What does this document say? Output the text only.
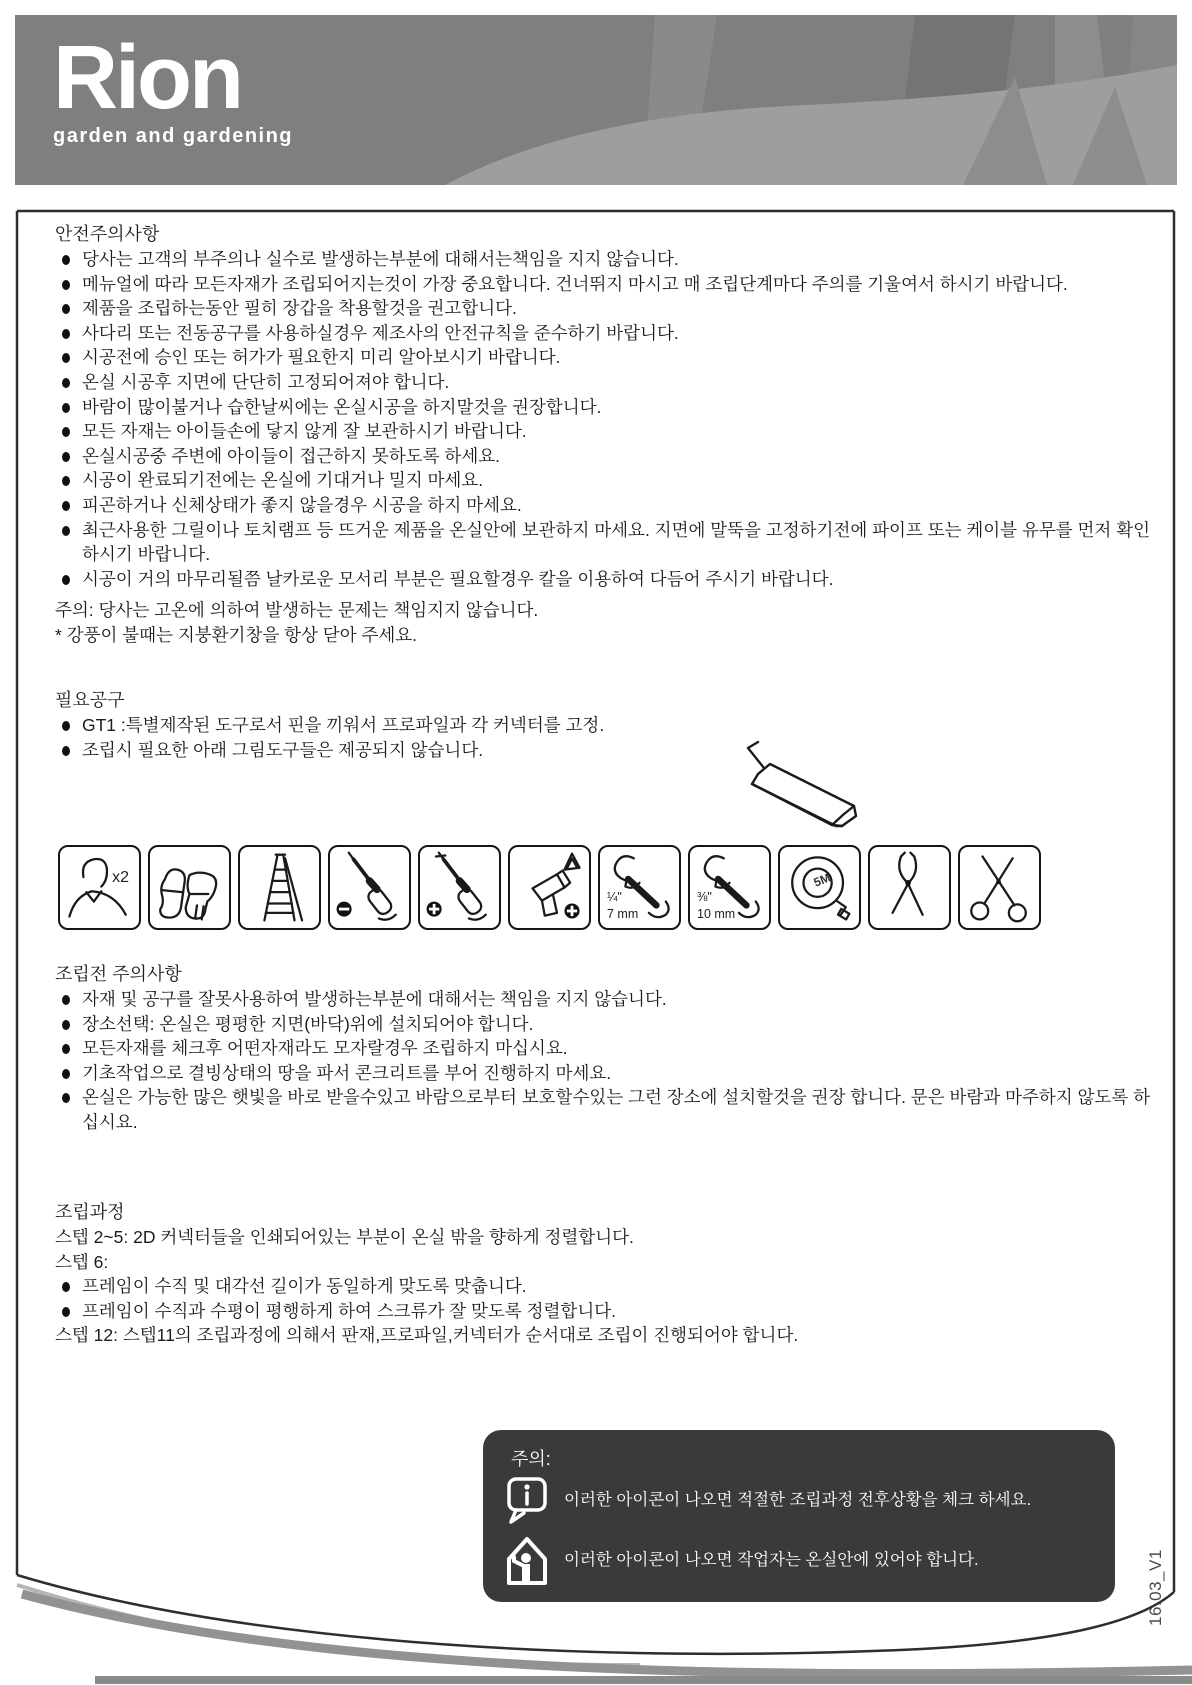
Rion
garden and gardening
안전주의사항
당사는 고객의 부주의나 실수로 발생하는부분에 대해서는책임을 지지 않습니다.
메뉴얼에 따라 모든자재가 조립되어지는것이 가장 중요합니다. 건너뛰지 마시고 매 조립단계마다 주의를 기울여서 하시기 바랍니다.
제품을 조립하는동안 필히 장갑을 착용할것을 권고합니다.
사다리 또는 전동공구를 사용하실경우 제조사의 안전규칙을 준수하기 바랍니다.
시공전에 승인 또는 허가가 필요한지 미리 알아보시기 바랍니다.
온실 시공후 지면에 단단히 고정되어져야 합니다.
바람이 많이불거나 습한날씨에는 온실시공을 하지말것을 권장합니다.
모든 자재는 아이들손에 닿지 않게 잘 보관하시기 바랍니다.
온실시공중 주변에 아이들이 접근하지 못하도록 하세요.
시공이 완료되기전에는 온실에 기대거나 밀지 마세요.
피곤하거나 신체상태가 좋지 않을경우 시공을 하지 마세요.
최근사용한 그릴이나 토치램프 등 뜨거운 제품을 온실안에 보관하지 마세요. 지면에 말뚝을 고정하기전에 파이프 또는 케이블 유무를 먼저 확인하시기 바랍니다.
시공이 거의 마무리될쯤 날카로운 모서리 부분은 필요할경우 칼을 이용하여 다듬어 주시기 바랍니다.
주의: 당사는 고온에 의하여 발생하는 문제는 책임지지 않습니다.
* 강풍이 불때는 지붕환기창을 항상 닫아 주세요.
필요공구
GT1 :특별제작된 도구로서 핀을 끼워서 프로파일과 각 커넥터를 고정.
조립시 필요한 아래 그림도구들은 제공되지 않습니다.
x2
¼"
7 mm
⅜"
10 mm
5M
조립전 주의사항
자재 및 공구를 잘못사용하여 발생하는부분에 대해서는 책임을 지지 않습니다.
장소선택: 온실은 평평한 지면(바닥)위에 설치되어야 합니다.
모든자재를 체크후 어떤자재라도 모자랄경우 조립하지 마십시요.
기초작업으로 결빙상태의 땅을 파서 콘크리트를 부어 진행하지 마세요.
온실은 가능한 많은 햇빛을 바로 받을수있고 바람으로부터 보호할수있는 그런 장소에 설치할것을 권장 합니다. 문은 바람과 마주하지 않도록 하십시요.
조립과정
스텝 2~5: 2D 커넥터들을 인쇄되어있는 부분이 온실 밖을 향하게 정렬합니다.
스텝 6:
프레임이 수직 및 대각선 길이가 동일하게 맞도록 맞춥니다.
프레임이 수직과 수평이 평행하게 하여 스크류가 잘 맞도록 정렬합니다.
스텝 12: 스텝11의 조립과정에 의해서 판재,프로파일,커넥터가 순서대로 조립이 진행되어야 합니다.
주의:
이러한 아이콘이 나오면 적절한 조립과정 전후상황을 체크 하세요.
이러한 아이콘이 나오면 작업자는 온실안에 있어야 합니다.	16.03_V1
